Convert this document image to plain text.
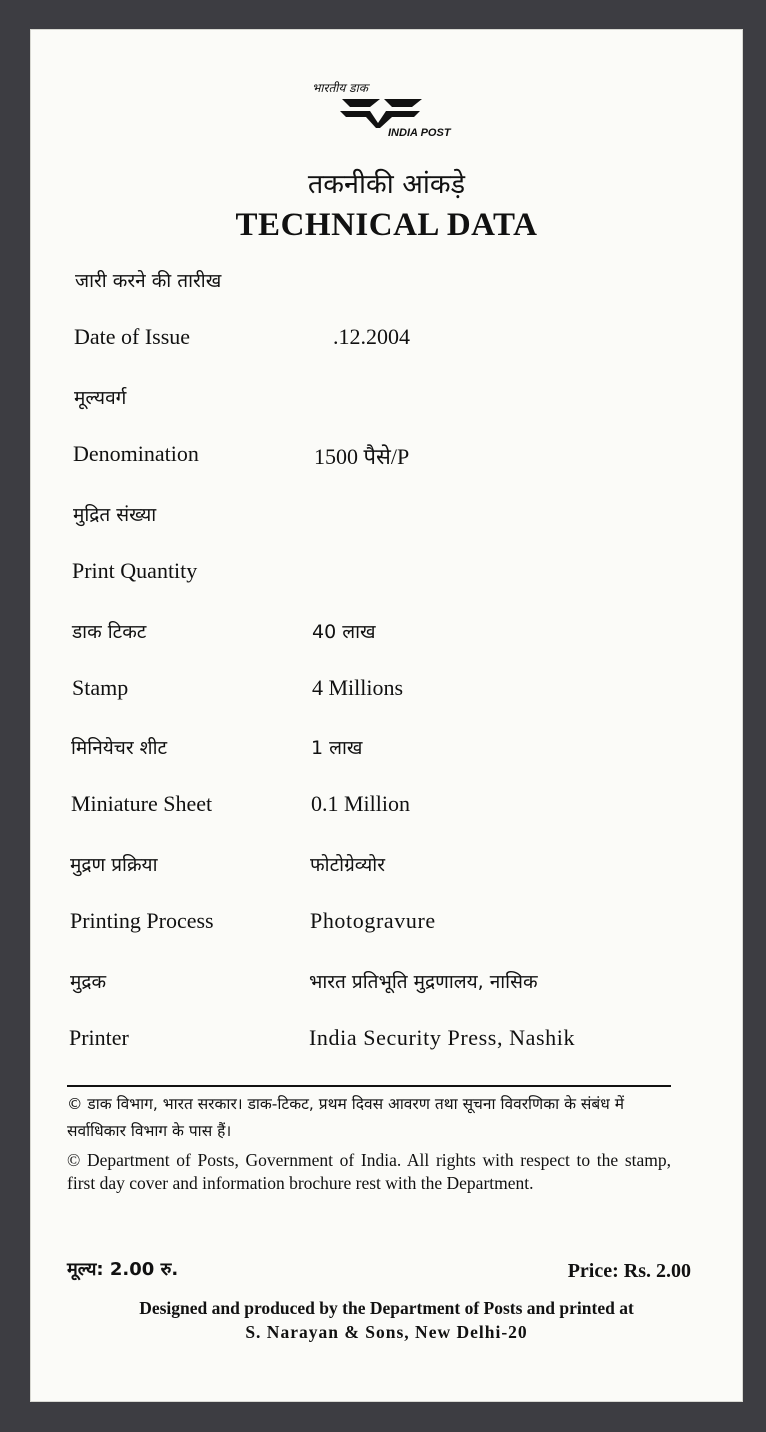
भारतीय डाक
INDIA POST
तकनीकी आंकड़े
TECHNICAL DATA
जारी करने की तारीख
Date of Issue	.12.2004
मूल्यवर्ग
Denomination	1500 पैसे/P
मुद्रित संख्या
Print Quantity
डाक टिकट	40 लाख
Stamp	4 Millions
मिनियेचर शीट	1 लाख
Miniature Sheet	0.1 Million
मुद्रण प्रक्रिया	फोटोग्रेव्योर
Printing Process	Photogravure
मुद्रक	भारत प्रतिभूति मुद्रणालय, नासिक
Printer	India Security Press, Nashik
© डाक विभाग, भारत सरकार। डाक-टिकट, प्रथम दिवस आवरण तथा सूचना विवरणिका के संबंध में सर्वाधिकार विभाग के पास हैं।
© Department of Posts, Government of India. All rights with respect to the stamp, first day cover and information brochure rest with the Department.
मूल्य: 2.00 रु.	Price: Rs. 2.00
Designed and produced by the Department of Posts and printed at
S. Narayan & Sons, New Delhi-20
